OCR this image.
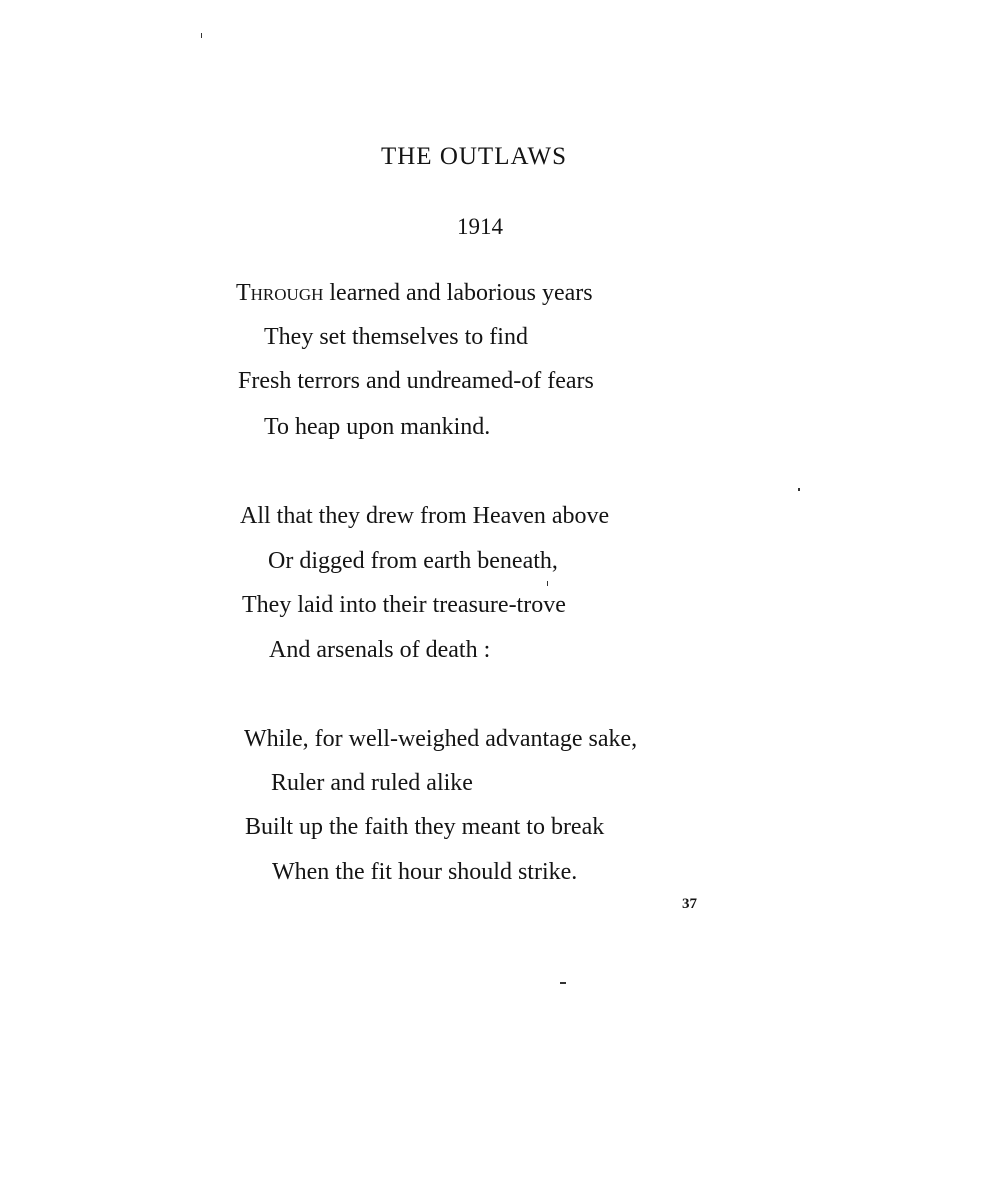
THE OUTLAWS
1914
Through learned and laborious years
They set themselves to find
Fresh terrors and undreamed-of fears
To heap upon mankind.
All that they drew from Heaven above
Or digged from earth beneath,
They laid into their treasure-trove
And arsenals of death :
While, for well-weighed advantage sake,
Ruler and ruled alike
Built up the faith they meant to break
When the fit hour should strike.
37
